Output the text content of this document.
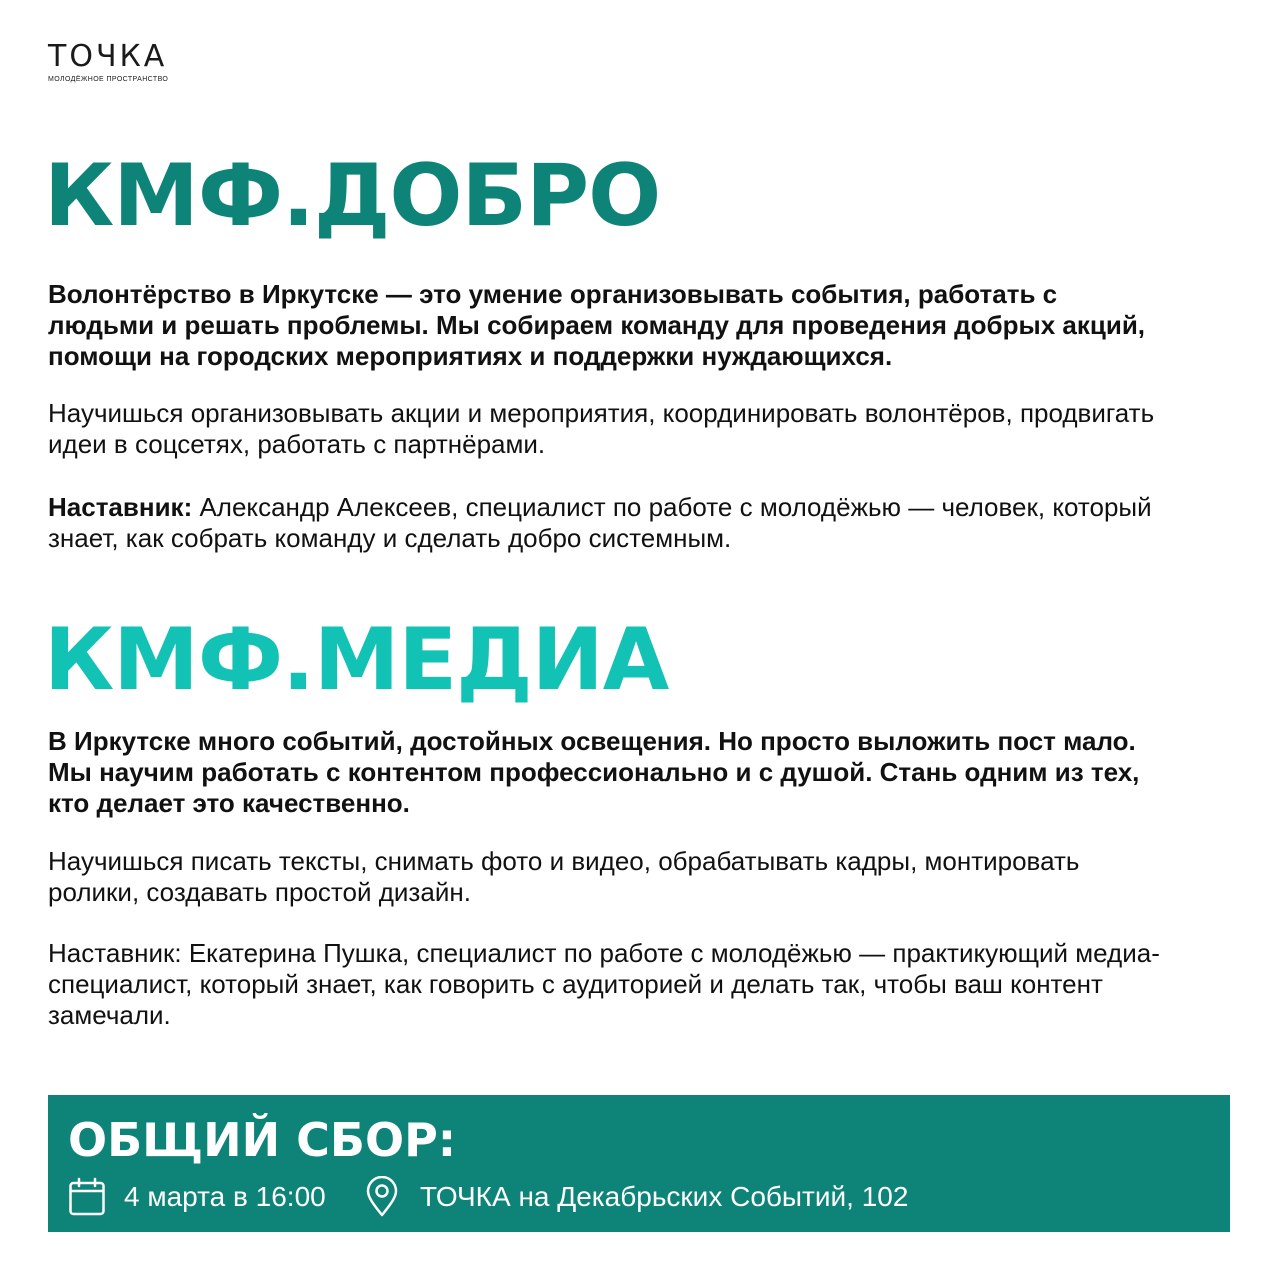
ТОЧКА
МОЛОДЁЖНОЕ ПРОСТРАНСТВО
КМФ.ДОБРО

Волонтёрство в Иркутске — это умение организовывать события, работать с людьми и решать проблемы. Мы собираем команду для проведения добрых акций, помощи на городских мероприятиях и поддержки нуждающихся.

Научишься организовывать акции и мероприятия, координировать волонтёров, продвигать идеи в соцсетях, работать с партнёрами.

Наставник: Александр Алексеев, специалист по работе с молодёжью — человек, который знает, как собрать команду и сделать добро системным.

КМФ.МЕДИА

В Иркутске много событий, достойных освещения. Но просто выложить пост мало. Мы научим работать с контентом профессионально и с душой. Стань одним из тех, кто делает это качественно.

Научишься писать тексты, снимать фото и видео, обрабатывать кадры, монтировать ролики, создавать простой дизайн.

Наставник: Екатерина Пушка, специалист по работе с молодёжью — практикующий медиа-специалист, который знает, как говорить с аудиторией и делать так, чтобы ваш контент замечали.

ОБЩИЙ СБОР:
4 марта в 16:00	ТОЧКА на Декабрьских Событий, 102
